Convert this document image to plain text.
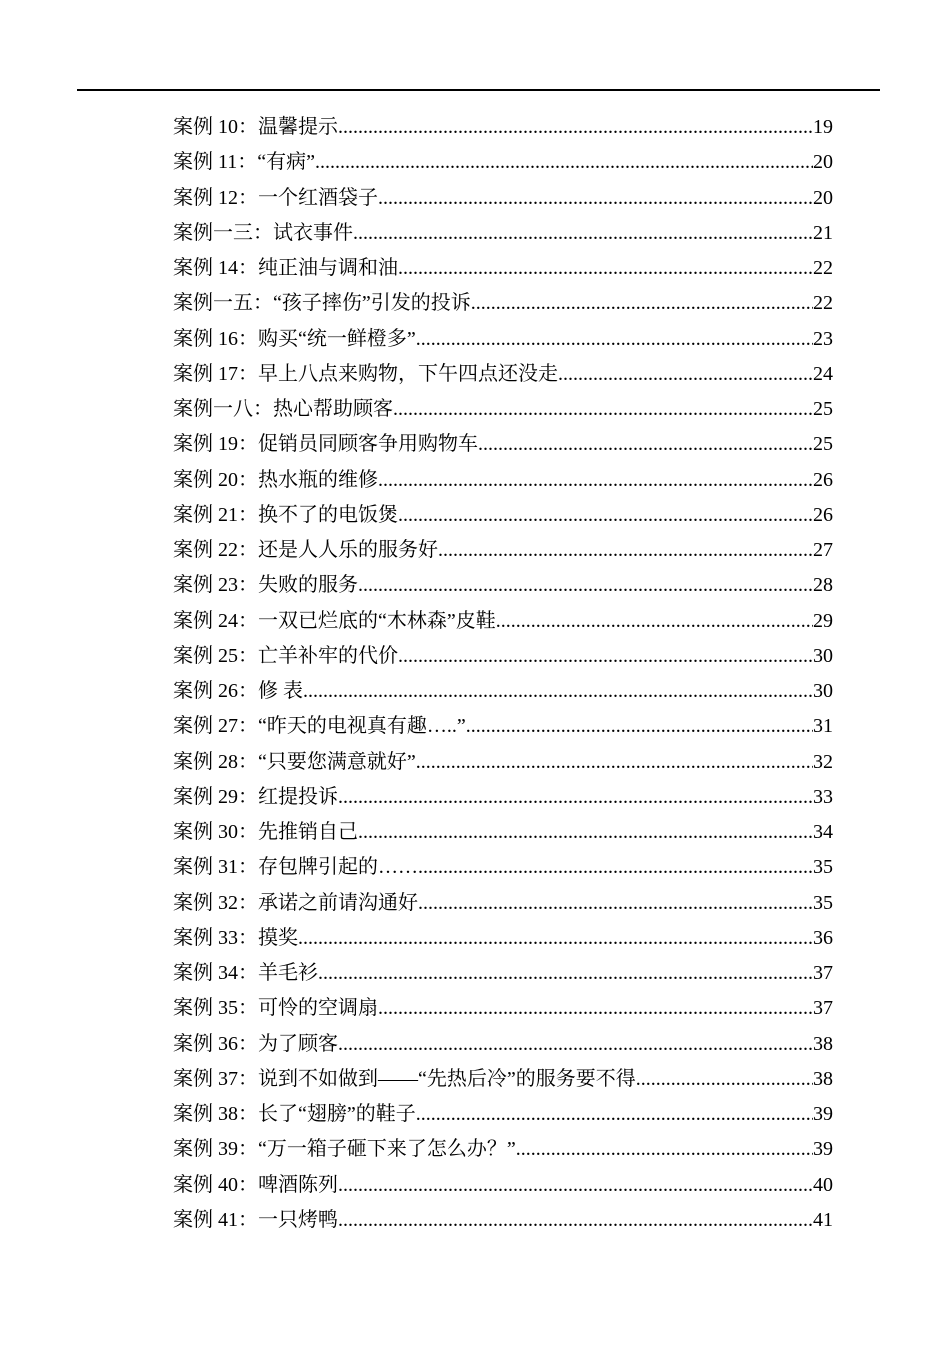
案例 10：温馨提示 .....	19
案例 11：“有病” .....	20
案例 12：一个红酒袋子 .....	20
案例一三：试衣事件 .....	21
案例 14：纯正油与调和油 .....	22
案例一五：“孩子摔伤”引发的投诉 .....	22
案例 16：购买“统一鲜橙多” .....	23
案例 17：早上八点来购物，下午四点还没走 .....	24
案例一八：热心帮助顾客 .....	25
案例 19：促销员同顾客争用购物车 .....	25
案例 20：热水瓶的维修 .....	26
案例 21：换不了的电饭煲 .....	26
案例 22：还是人人乐的服务好 .....	27
案例 23：失败的服务 .....	28
案例 24：一双已烂底的“木林森”皮鞋 .....	29
案例 25：亡羊补牢的代价 .....	30
案例 26：修 表 .....	30
案例 27：“昨天的电视真有趣…..” .....	31
案例 28：“只要您满意就好” .....	32
案例 29：红提投诉 .....	33
案例 30：先推销自己 .....	34
案例 31：存包牌引起的…… .....	35
案例 32：承诺之前请沟通好 .....	35
案例 33：摸奖 .....	36
案例 34：羊毛衫 .....	37
案例 35：可怜的空调扇 .....	37
案例 36：为了顾客 .....	38
案例 37：说到不如做到——“先热后冷”的服务要不得 .....	38
案例 38：长了“翅膀”的鞋子 .....	39
案例 39：“万一箱子砸下来了怎么办？” .....	39
案例 40：啤酒陈列 .....	40
案例 41：一只烤鸭 .....	41
